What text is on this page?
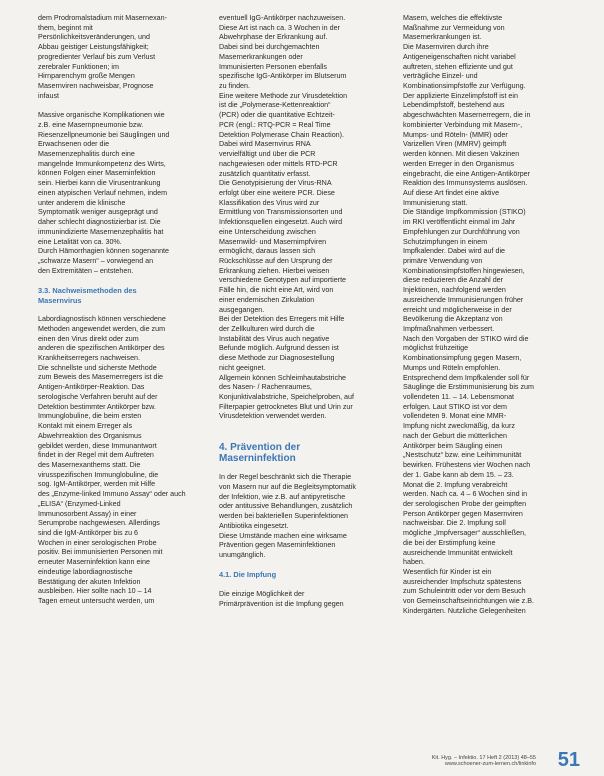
dem Prodromalstadium mit Masernexan-
them, beginnt mit
Persönlichkeitsveränderungen, und
Abbau geistiger Leistungsfähigkeit;
progredienter Verlauf bis zum Verlust
zerebraler Funktionen; im
Hirnparenchym große Mengen
Masernviren nachweisbar, Prognose
infaust

Massive organische Komplikationen wie
z.B. eine Masernpneumonie bzw.
Riesenzellpneumonie bei Säuglingen und
Erwachsenen oder die
Masernenzephalitis durch eine
mangelnde Immunkompetenz des Wirts,
können Folgen einer Maserninfektion
sein. Hierbei kann die Virusentrankung
einen atypischen Verlauf nehmen, indem
unter anderem die klinische
Symptomatik weniger ausgeprägt und
daher schlecht diagnostizierbar ist. Die
immunindizierte Masernenzephalitis hat
eine Letalität von ca. 30%.
Durch Hämorrhagien können sogenannte
„schwarze Masern“ – vorwiegend an
den Extremitäten – entstehen.

3.3. Nachweismethoden des
Masernvirus

Labordiagnostisch können verschiedene
Methoden angewendet werden, die zum
einen den Virus direkt oder zum
anderen die spezifischen Antikörper des
Krankheitserregers nachweisen.
Die schnellste und sicherste Methode
zum Beweis des Masernerregers ist die
Antigen-Antikörper-Reaktion. Das
serologische Verfahren beruht auf der
Detektion bestimmter Antikörper bzw.
Immunglobuline, die beim ersten
Kontakt mit einem Erreger als
Abwehrreaktion des Organismus
gebildet werden, diese Immunantwort
findet in der Regel mit dem Auftreten
des Masernexanthems statt. Die
virusspezifischen Immunglobuline, die
sog. IgM-Antikörper, werden mit Hilfe
des „Enzyme-linked Immuno Assay“ oder auch
„ELISA“ (Enzymed-Linked
Immunosorbent Assay) in einer
Serumprobe nachgewiesen. Allerdings
sind die IgM-Antikörper bis zu 6
Wochen in einer serologischen Probe
positiv. Bei immunisierten Personen mit
erneuter Maserninfektion kann eine
eindeutige labordiagnostische
Bestätigung der akuten Infektion
ausbleiben. Hier sollte nach 10 – 14
Tagen erneut untersucht werden, um

eventuell IgG-Antikörper nachzuweisen.
Diese Art ist nach ca. 3 Wochen in der
Abwehrphase der Erkrankung auf.
Dabei sind bei durchgemachten
Masernerkrankungen oder
Immunisierten Personen ebenfalls
spezifische IgG-Antikörper im Blutserum
zu finden.
Eine weitere Methode zur Virusdetektion
ist die „Polymerase-Kettenreaktion“
(PCR) oder die quantitative Echtzeit-
PCR (engl.: RTQ-PCR = Real Time
Detektion Polymerase Chain Reaction).
Dabei wird Masernvirus RNA
vervielfältigt und über die PCR
nachgewiesen oder mittels RTD-PCR
zusätzlich quantitativ erfasst.
Die Genotypisierung der Virus-RNA
erfolgt über eine weitere PCR. Diese
Klassifikation des Virus wird zur
Ermittlung von Transmissionsorten und
Infektionsquellen eingesetzt. Auch wird
eine Unterscheidung zwischen
Masernwild- und Masernimpfviren
ermöglicht, daraus lassen sich
Rückschlüsse auf den Ursprung der
Erkrankung ziehen. Hierbei weisen
verschiedene Genotypen auf importierte
Fälle hin, die nicht eine Art, wird von
einer endemischen Zirkulation
ausgegangen.
Bei der Detektion des Erregers mit Hilfe
der Zellkulturen wird durch die
Instabilität des Virus auch negative
Befunde möglich. Aufgrund dessen ist
diese Methode zur Diagnosestellung
nicht geeignet.
Allgemein können Schleimhautabstriche
des Nasen- / Rachenraumes,
Konjunktivalabstriche, Speichelproben, auf
Filterpapier getrocknetes Blut und Urin zur
Virusdetektion verwendet werden.

4. Prävention der
Maserninfektion

In der Regel beschränkt sich die Therapie
von Masern nur auf die Begleitsymptomatik
der Infektion, wie z.B. auf antipyretische
oder antitussive Behandlungen, zusätzlich
werden bei bakteriellen Superinfektionen
Antibiotika eingesetzt.
Diese Umstände machen eine wirksame
Prävention gegen Maserninfektionen
unumgänglich.

4.1. Die Impfung

Die einzige Möglichkeit der
Primärprävention ist die Impfung gegen

Masern, welches die effektivste
Maßnahme zur Vermeidung von
Masernerkrankungen ist.
Die Masernviren durch ihre
Antigeneigenschaften nicht variabel
auftreten, stehen effiziente und gut
verträgliche Einzel- und
Kombinationsimpfstoffe zur Verfügung.
Der applizierte Einzelimpfstoff ist ein
Lebendimpfstoff, bestehend aus
abgeschwächten Masernerregern, die in
kombinierter Verbindung mit Masern-,
Mumps- und Röteln- (MMR) oder
Varizellen Viren (MMRV) geimpft
werden können. Mit diesen Vakzinen
werden Erreger in den Organismus
eingebracht, die eine Antigen-Antikörper
Reaktion des Immunsystems auslösen.
Auf diese Art findet eine aktive
Immunisierung statt.
Die Ständige Impfkommission (STIKO)
im RKI veröffentlicht einmal im Jahr
Empfehlungen zur Durchführung von
Schutzimpfungen in einem
Impfkalender. Dabei wird auf die
primäre Verwendung von
Kombinationsimpfstoffen hingewiesen,
diese reduzieren die Anzahl der
Injektionen, nachfolgend werden
ausreichende Immunisierungen früher
erreicht und möglicherweise in der
Bevölkerung die Akzeptanz von
Impfmaßnahmen verbessert.
Nach den Vorgaben der STIKO wird die
möglichst frühzeitige
Kombinationsimpfung gegen Masern,
Mumps und Röteln empfohlen.
Entsprechend dem Impfkalender soll für
Säuglinge die Erstimmunisierung bis zum
vollendeten 11. – 14. Lebensmonat
erfolgen. Laut STIKO ist vor dem
vollendeten 9. Monat eine MMR-
Impfung nicht zweckmäßig, da kurz
nach der Geburt die mütterlichen
Antikörper beim Säugling einen
„Nestschutz“ bzw. eine Leihimmunität
bewirken. Frühestens vier Wochen nach
der 1. Gabe kann ab dem 15. – 23.
Monat die 2. Impfung verabreicht
werden. Nach ca. 4 – 6 Wochen sind in
der serologischen Probe der geimpften
Person Antikörper gegen Masernviren
nachweisbar. Die 2. Impfung soll
mögliche „Impfversager“ ausschließen,
die bei der Erstimpfung keine
ausreichende Immunität entwickelt
haben.
Wesentlich für Kinder ist ein
ausreichender Impfschutz spätestens
zum Schuleintritt oder vor dem Besuch
von Gemeinschaftseinrichtungen wie z.B.
Kindergärten. Nutzliche Gelegenheiten

Kit. Hyg. – Infektio. 17 Heft 2 (2013) 48–55
www.schoener-zum-lernen.ch/linkinfo 51
